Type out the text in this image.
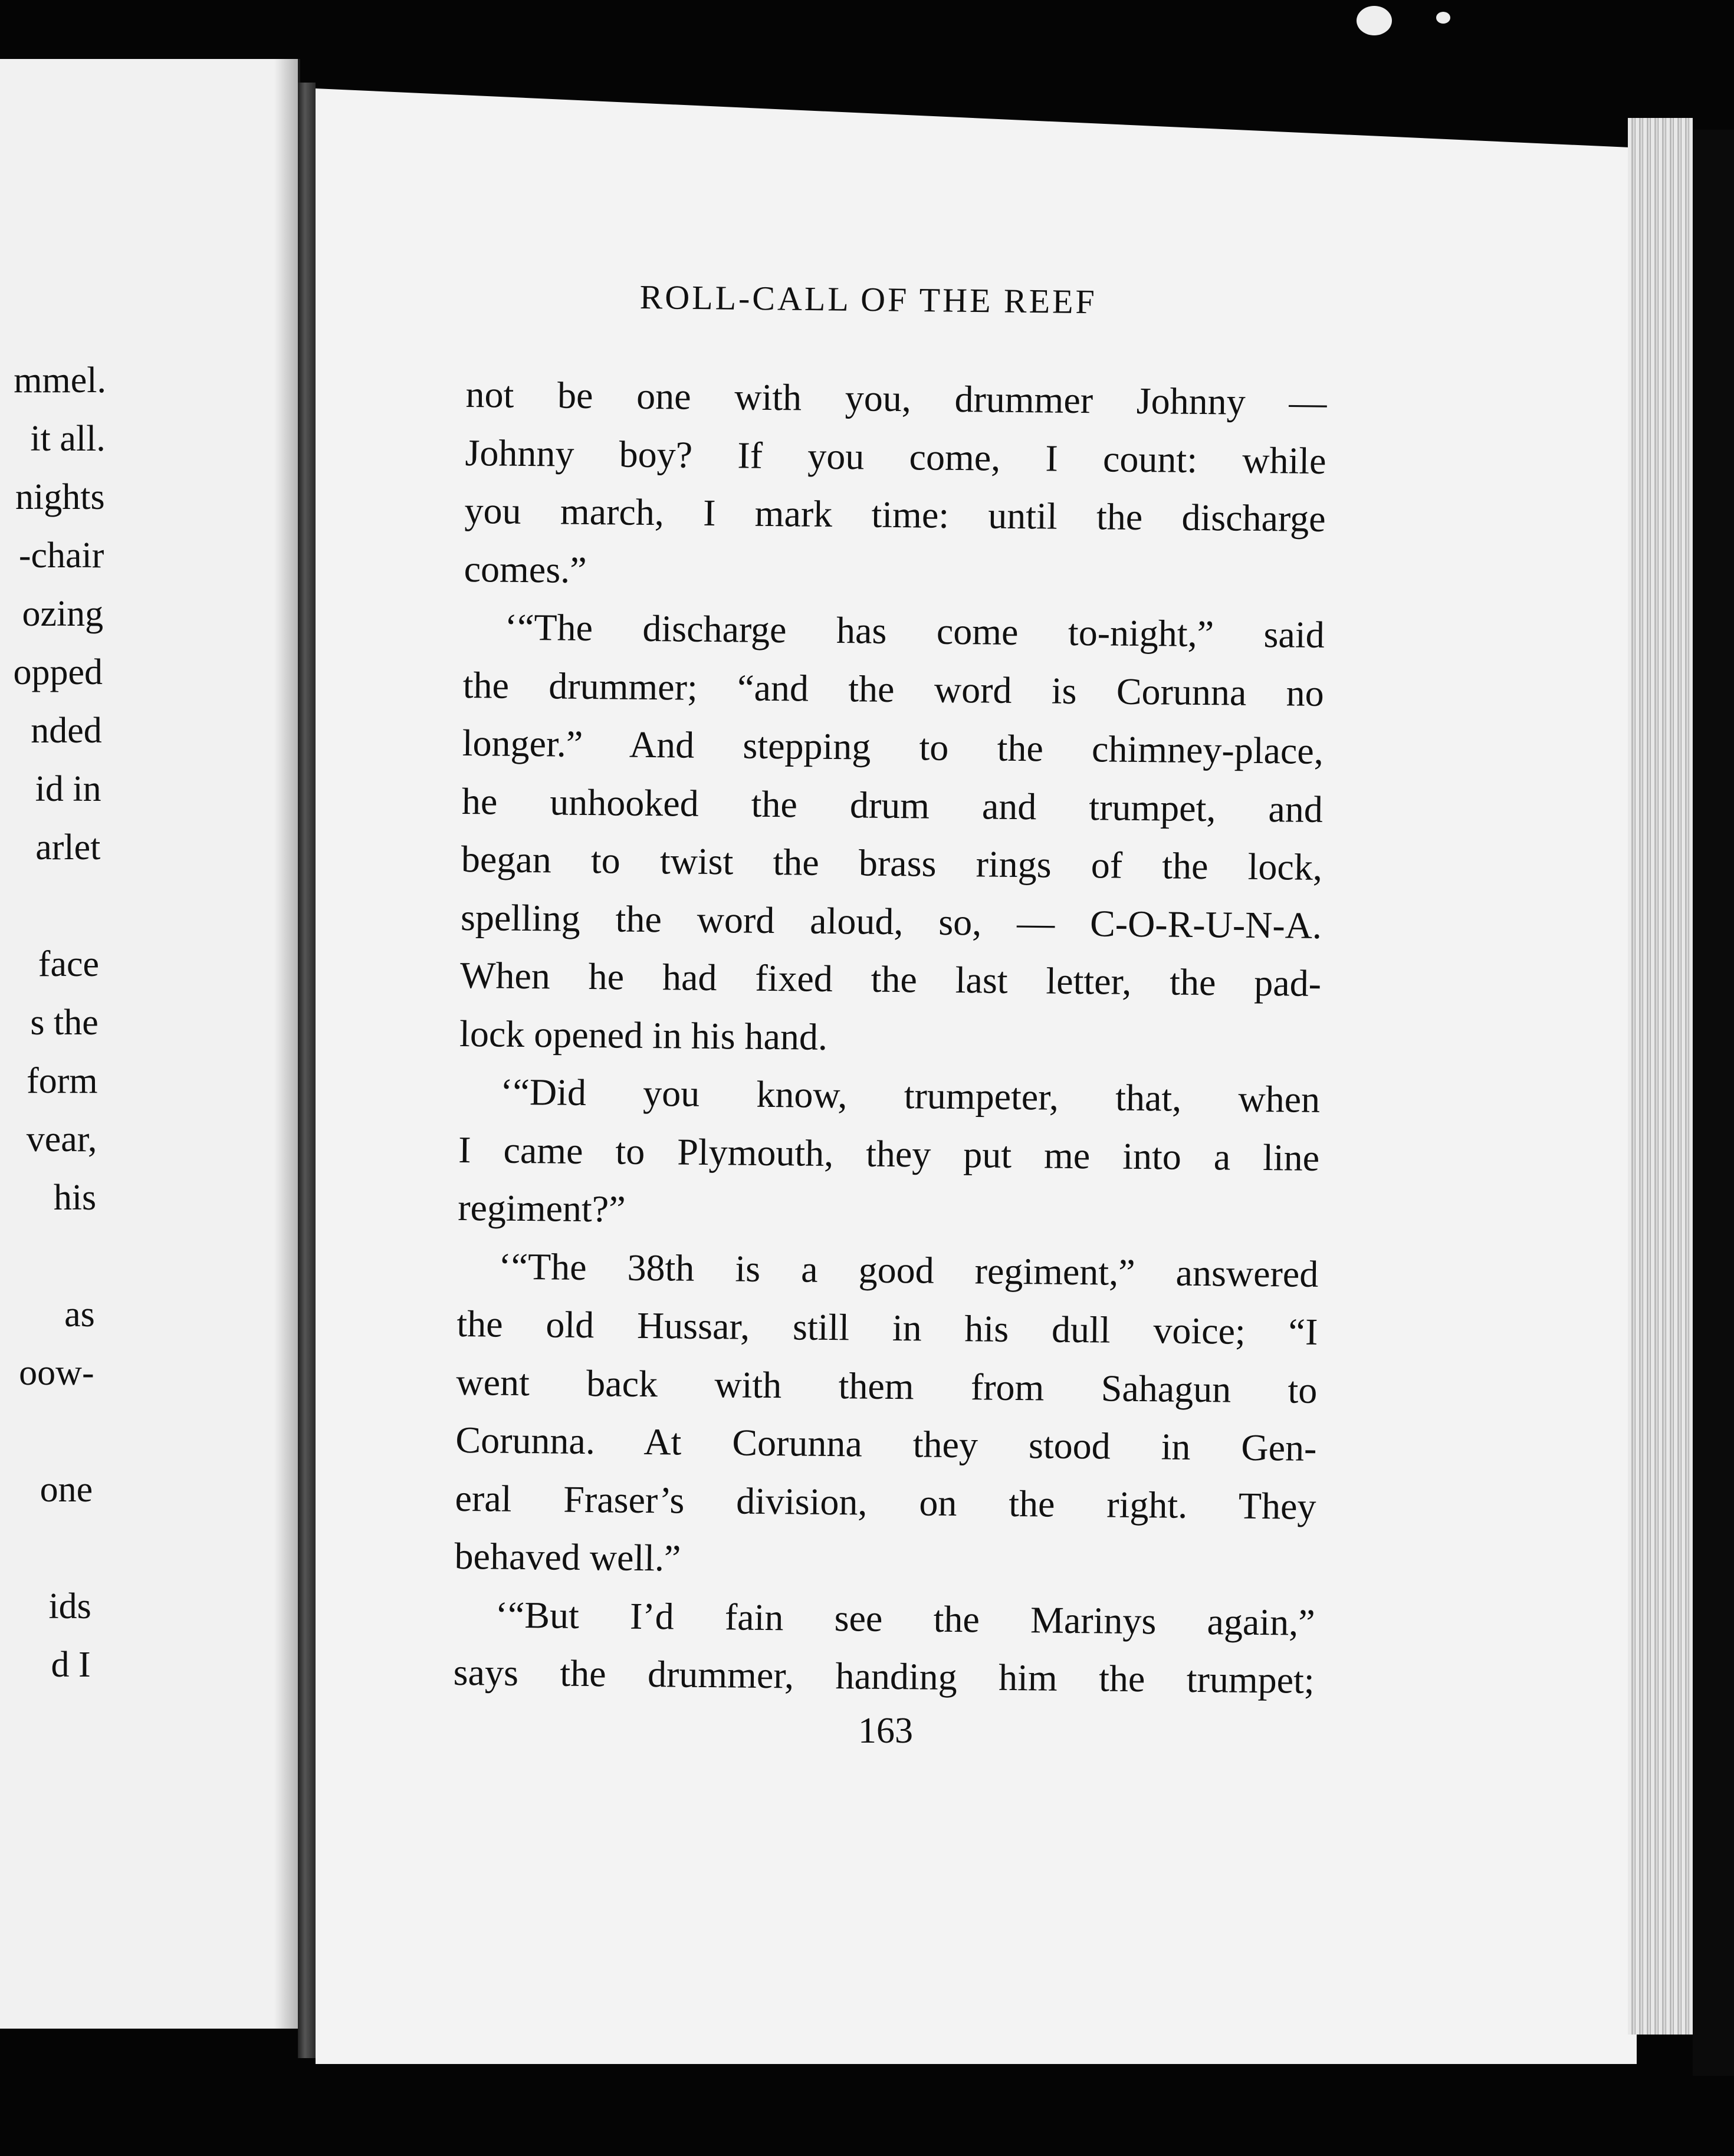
mmel.
it all.
nights
-chair
ozing
opped
nded
id in
arlet
face
s the
form
vear,
his
as
oow-
one
ids
d I
ROLL-CALL OF THE REEF
not be one with you, drummer Johnny —
Johnny boy? If you come, I count: while
you march, I mark time: until the discharge
comes.”
‘“The discharge has come to-night,” said
the drummer; “and the word is Corunna no
longer.” And stepping to the chimney-place,
he unhooked the drum and trumpet, and
began to twist the brass rings of the lock,
spelling the word aloud, so, — C-O-R-U-N-A.
When he had fixed the last letter, the pad-
lock opened in his hand.
‘“Did you know, trumpeter, that, when
I came to Plymouth, they put me into a line
regiment?”
‘“The 38th is a good regiment,” answered
the old Hussar, still in his dull voice; “I
went back with them from Sahagun to
Corunna. At Corunna they stood in Gen-
eral Fraser’s division, on the right. They
behaved well.”
‘“But I’d fain see the Marinys again,”
says the drummer, handing him the trumpet;
163
